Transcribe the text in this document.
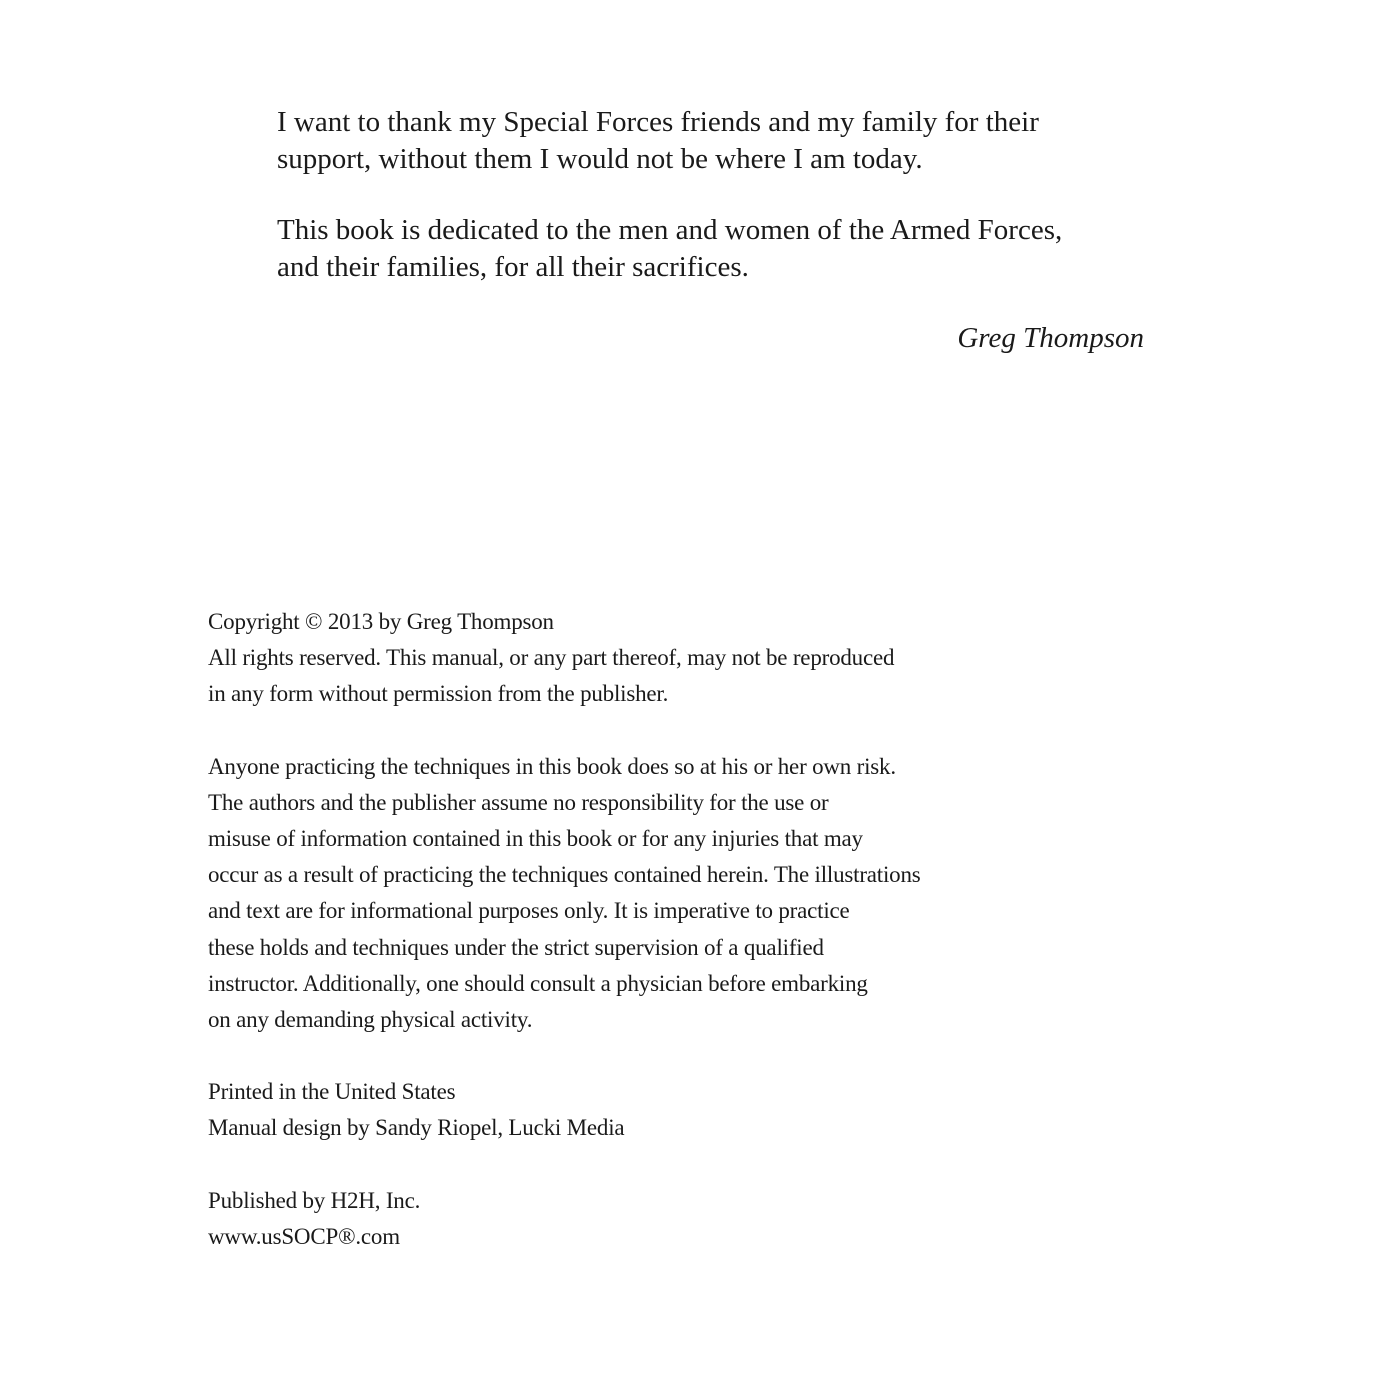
I want to thank my Special Forces friends and my family for their

support, without them I would not be where I am today.

This book is dedicated to the men and women of the Armed Forces,

and their families, for all their sacrifices.

Greg Thompson

Copyright © 2013 by Greg Thompson

All rights reserved. This manual, or any part thereof, may not be reproduced

in any form without permission from the publisher.

Anyone practicing the techniques in this book does so at his or her own risk.

The authors and the publisher assume no responsibility for the use or

misuse of information contained in this book or for any injuries that may

occur as a result of practicing the techniques contained herein. The illustrations

and text are for informational purposes only. It is imperative to practice

these holds and techniques under the strict supervision of a qualified

instructor. Additionally, one should consult a physician before embarking

on any demanding physical activity.

Printed in the United States

Manual design by Sandy Riopel, Lucki Media

Published by H2H, Inc.

www.usSOCP®.com
